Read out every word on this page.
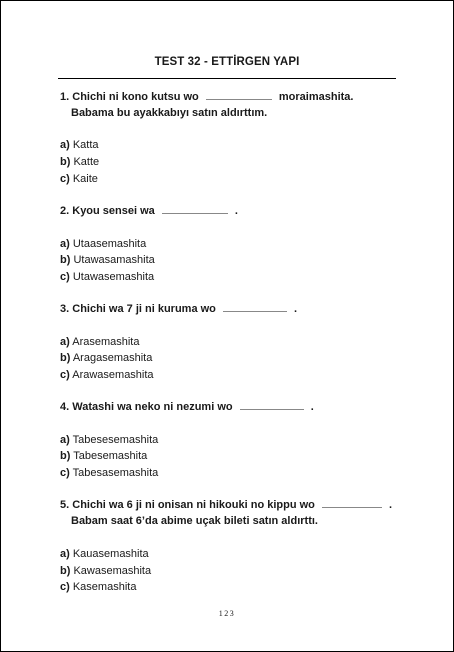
TEST 32 - ETTİRGEN YAPI
1. Chichi ni kono kutsu wo	moraimashita.
Babama bu ayakkabıyı satın aldırttım.
a) Katta
b) Katte
c) Kaite
2. Kyou sensei wa	.
a) Utaasemashita
b) Utawasamashita
c) Utawasemashita
3. Chichi wa 7 ji ni kuruma wo	.
a) Arasemashita
b) Aragasemashita
c) Arawasemashita
4. Watashi wa neko ni nezumi wo	.
a) Tabesesemashita
b) Tabesemashita
c) Tabesasemashita
5. Chichi wa 6 ji ni onisan ni hikouki no kippu wo	.
Babam saat 6’da abime uçak bileti satın aldırttı.
a) Kauasemashita
b) Kawasemashita
c) Kasemashita
123
